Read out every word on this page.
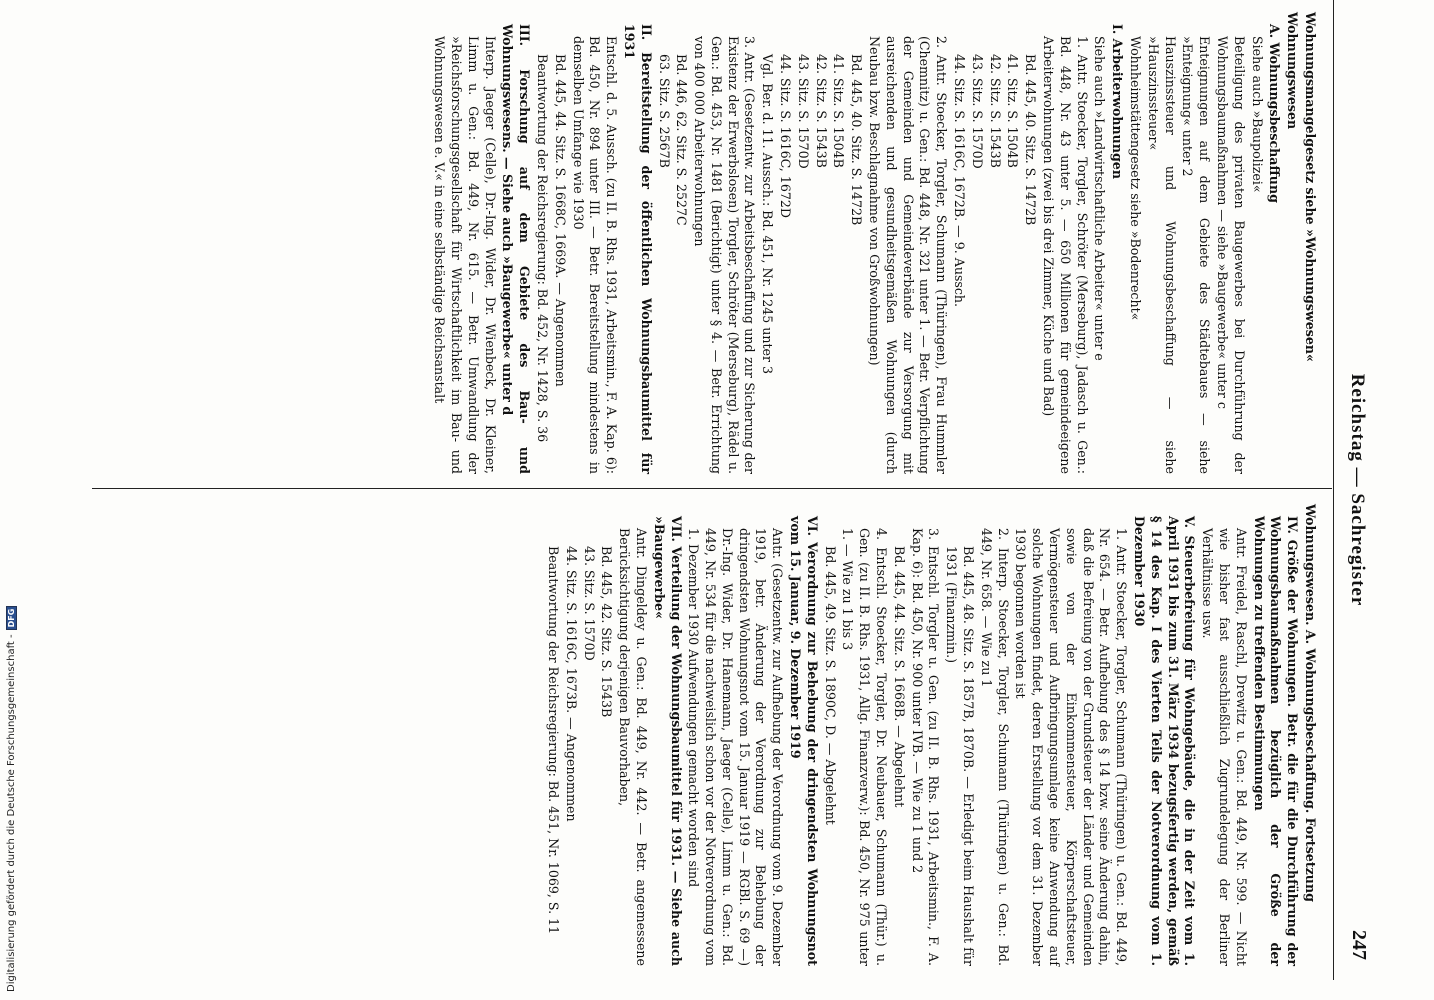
Reichstag — Sachregister
247

Wohnungsmangelgesetz siehe »Wohnungswesen«

Wohnungswesen

A. Wohnungsbeschaffung

Siehe auch »Baupolizei«

Beteiligung des privaten Baugewerbes bei Durchführung der Wohnungsbaumaßnahmen — siehe »Baugewerbe« unter c

Enteignungen auf dem Gebiete des Städtebaues — siehe »Enteignung« unter 2

Hauszinssteuer und Wohnungsbeschaffung — siehe »Hauszinssteuer«

Wohnheimstättengesetz siehe »Bodenrecht«

I. Arbeiterwohnungen

Siehe auch »Landwirtschaftliche Arbeiter« unter e

1. Antr. Stoecker, Torgler, Schröter (Merseburg), Jadasch u. Gen.: Bd. 448, Nr. 43 unter 5. — 650 Millionen für gemeindeeigene Arbeiterwohnungen (zwei bis drei Zimmer, Küche und Bad)

Bd. 445, 40. Sitz. S. 1472B

41. Sitz. S. 1504B

42. Sitz. S. 1543B

43. Sitz. S. 1570D

44. Sitz. S. 1616C, 1672B. — 9. Aussch.

2. Antr. Stoecker, Torgler, Schumann (Thüringen), Frau Hummler (Chemnitz) u. Gen.: Bd. 448, Nr. 321 unter 1. — Betr. Verpflichtung der Gemeinden und Gemeindeverbände zur Versorgung mit ausreichenden und gesundheitsgemäßen Wohnungen (durch Neubau bzw. Beschlagnahme von Großwohnungen)

Bd. 445, 40. Sitz. S. 1472B

41. Sitz. S. 1504B

42. Sitz. S. 1543B

43. Sitz. S. 1570D

44. Sitz. S. 1616C, 1672D

Vgl. Ber. d. 11. Aussch.: Bd. 451, Nr. 1245 unter 3

3. Antr. (Gesetzentw. zur Arbeitsbeschaffung und zur Sicherung der Existenz der Erwerbslosen) Torgler, Schröter (Merseburg), Rädel u. Gen.: Bd. 453, Nr. 1481 (Berichtigt) unter § 4. — Betr. Errichtung von 400 000 Arbeiterwohnungen

Bd. 446, 62. Sitz. S. 2527C

63. Sitz. S. 2567B

II. Bereitstellung der öffentlichen Wohnungsbaumittel für 1931

Entschl. d. 5. Aussch. (zu II. B. Rhs. 1931, Arbeitsmin., F. A. Kap. 6): Bd. 450, Nr. 894 unter III. — Betr. Bereitstellung mindestens in demselben Umfange wie 1930

Bd. 445, 44. Sitz. S. 1668C, 1669A. — Angenommen

Beantwortung der Reichsregierung: Bd. 452, Nr. 1428, S. 36

III. Forschung auf dem Gebiete des Bau- und Wohnungswesens. — Siehe auch »Baugewerbe« unter d

Interp. Jaeger (Celle), Dr.-Ing. Wider, Dr. Wienbeck, Dr. Kleiner, Limm u. Gen.: Bd. 449, Nr. 615. — Betr. Umwandlung der »Reichsforschungsgesellschaft für Wirtschaftlichkeit im Bau- und Wohnungswesen e. V.« in eine selbständige Reichsanstalt

Wohnungswesen. A. Wohnungsbeschaffung. Fortsetzung

IV. Größe der Wohnungen. Betr. die für die Durchführung der Wohnungsbaumaßnahmen bezüglich der Größe der Wohnungen zu treffenden Bestimmungen

Antr. Freidel, Raschl, Drewitz u. Gen.: Bd. 449, Nr. 599. — Nicht wie bisher fast ausschließlich Zugrundelegung der Berliner Verhältnisse usw.

V. Steuerbefreiung für Wohngebäude, die in der Zeit vom 1. April 1931 bis zum 31. März 1934 bezugsfertig werden, gemäß § 14 des Kap. I des Vierten Teils der Notverordnung vom 1. Dezember 1930

1. Antr. Stoecker, Torgler, Schumann (Thüringen) u. Gen.: Bd. 449, Nr. 654. — Betr. Aufhebung des § 14 bzw. seine Änderung dahin, daß die Befreiung von der Grundsteuer der Länder und Gemeinden sowie von der Einkommensteuer, Körperschaftsteuer, Vermögensteuer und Aufbringungsumlage keine Anwendung auf solche Wohnungen findet, deren Erstellung vor dem 31. Dezember 1930 begonnen worden ist

2. Interp. Stoecker, Torgler, Schumann (Thüringen) u. Gen.: Bd. 449, Nr. 658. — Wie zu 1

Bd. 445, 48. Sitz. S. 1857B, 1870B. — Erledigt beim Haushalt für 1931 (Finanzmin.)

3. Entschl. Torgler u. Gen. (zu II. B. Rhs. 1931, Arbeitsmin., F. A. Kap. 6): Bd. 450, Nr. 900 unter IVB. — Wie zu 1 und 2

Bd. 445, 44. Sitz. S. 1668B. — Abgelehnt

4. Entschl. Stoecker, Torgler, Dr. Neubauer, Schumann (Thür.) u. Gen. (zu II. B. Rhs. 1931, Allg. Finanzverw.): Bd. 450, Nr. 975 unter 1. — Wie zu 1 bis 3

Bd. 445, 49. Sitz. S. 1890C, D. — Abgelehnt

VI. Verordnung zur Behebung der dringendsten Wohnungsnot vom 15. Januar, 9. Dezember 1919

Antr. (Gesetzentw. zur Aufhebung der Verordnung vom 9. Dezember 1919, betr. Änderung der Verordnung zur Behebung der dringendsten Wohnungsnot vom 15. Januar 1919 — RGBl. S. 69 —) Dr.-Ing. Wider, Dr. Hanemann, Jaeger (Celle), Limm u. Gen.: Bd. 449, Nr. 534 für die nachweislich schon vor der Notverordnung vom 1. Dezember 1930 Aufwendungen gemacht worden sind

VII. Verteilung der Wohnungsbaumittel für 1931. — Siehe auch »Baugewerbe«

Antr. Dingeldey u. Gen.: Bd. 449, Nr. 442. — Betr. angemessene Berücksichtigung derjenigen Bauvorhaben,

Bd. 445, 42. Sitz. S. 1543B

43. Sitz. S. 1570D

44. Sitz. S. 1616C, 1673B. — Angenommen

Beantwortung der Reichsregierung: Bd. 451, Nr. 1069, S. 11

Digitalisierung gefördert durch die Deutsche Forschungsgemeinschaft -DFG
